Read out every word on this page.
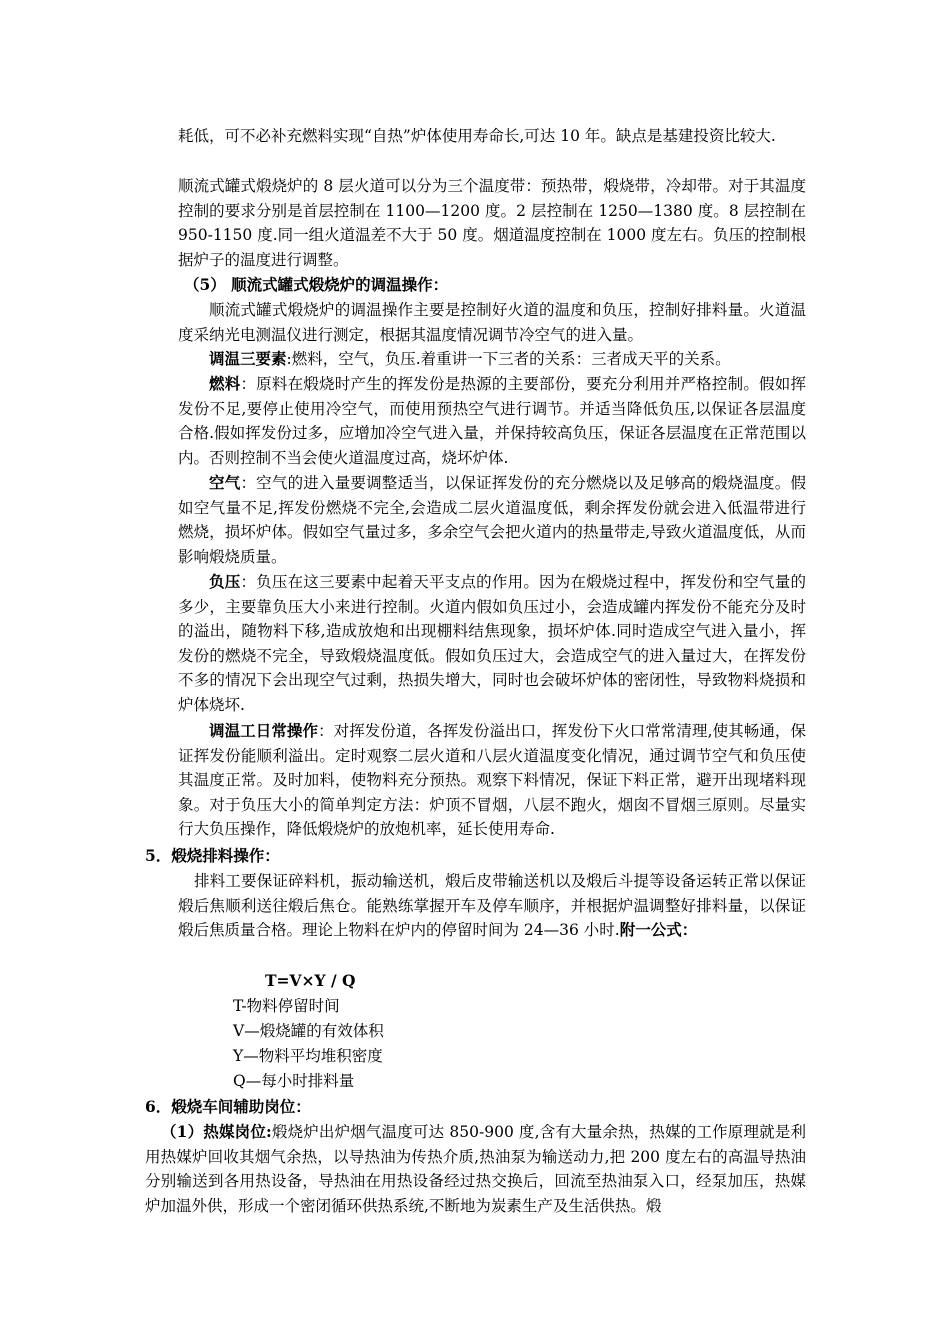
耗低，可不必补充燃料实现“自热”炉体使用寿命长,可达 10 年。缺点是基建投资比较大.

顺流式罐式煅烧炉的 8 层火道可以分为三个温度带：预热带，煅烧带，冷却带。对于其温度控制的要求分别是首层控制在 1100—1200 度。2 层控制在 1250—1380 度。8 层控制在 950-1150 度.同一组火道温差不大于 50 度。烟道温度控制在 1000 度左右。负压的控制根据炉子的温度进行调整。

（5） 顺流式罐式煅烧炉的调温操作：

顺流式罐式煅烧炉的调温操作主要是控制好火道的温度和负压，控制好排料量。火道温度采纳光电测温仪进行测定，根据其温度情况调节冷空气的进入量。

调温三要素:燃料，空气，负压.着重讲一下三者的关系：三者成天平的关系。

燃料：原料在煅烧时产生的挥发份是热源的主要部份，要充分利用并严格控制。假如挥发份不足,要停止使用冷空气，而使用预热空气进行调节。并适当降低负压,以保证各层温度合格.假如挥发份过多，应增加冷空气进入量，并保持较高负压，保证各层温度在正常范围以内。否则控制不当会使火道温度过高，烧坏炉体.

空气：空气的进入量要调整适当，以保证挥发份的充分燃烧以及足够高的煅烧温度。假如空气量不足,挥发份燃烧不完全,会造成二层火道温度低，剩余挥发份就会进入低温带进行燃烧，损坏炉体。假如空气量过多，多余空气会把火道内的热量带走,导致火道温度低，从而影响煅烧质量。

负压：负压在这三要素中起着天平支点的作用。因为在煅烧过程中，挥发份和空气量的多少，主要靠负压大小来进行控制。火道内假如负压过小，会造成罐内挥发份不能充分及时的溢出，随物料下移,造成放炮和出现棚料结焦现象，损坏炉体.同时造成空气进入量小，挥发份的燃烧不完全，导致煅烧温度低。假如负压过大，会造成空气的进入量过大，在挥发份不多的情况下会出现空气过剩，热损失增大，同时也会破坏炉体的密闭性，导致物料烧损和炉体烧坏.

调温工日常操作：对挥发份道，各挥发份溢出口，挥发份下火口常常清理,使其畅通，保证挥发份能顺利溢出。定时观察二层火道和八层火道温度变化情况，通过调节空气和负压使其温度正常。及时加料，使物料充分预热。观察下料情况，保证下料正常，避开出现堵料现象。对于负压大小的简单判定方法：炉顶不冒烟，八层不跑火，烟囱不冒烟三原则。尽量实行大负压操作，降低煅烧炉的放炮机率，延长使用寿命.

5．煅烧排料操作：

排料工要保证碎料机，振动输送机，煅后皮带输送机以及煅后斗提等设备运转正常以保证煅后焦顺利送往煅后焦仓。能熟练掌握开车及停车顺序，并根据炉温调整好排料量，以保证煅后焦质量合格。理论上物料在炉内的停留时间为 24—36 小时.附一公式：

T=V×Y / Q

T-物料停留时间

V—煅烧罐的有效体积

Y—物料平均堆积密度

Q—每小时排料量

6．煅烧车间辅助岗位：

（1）热媒岗位:煅烧炉出炉烟气温度可达 850-900 度,含有大量余热，热媒的工作原理就是利用热媒炉回收其烟气余热，以导热油为传热介质,热油泵为输送动力,把 200 度左右的高温导热油分别输送到各用热设备，导热油在用热设备经过热交换后，回流至热油泵入口，经泵加压，热媒炉加温外供，形成一个密闭循环供热系统,不断地为炭素生产及生活供热。煅
